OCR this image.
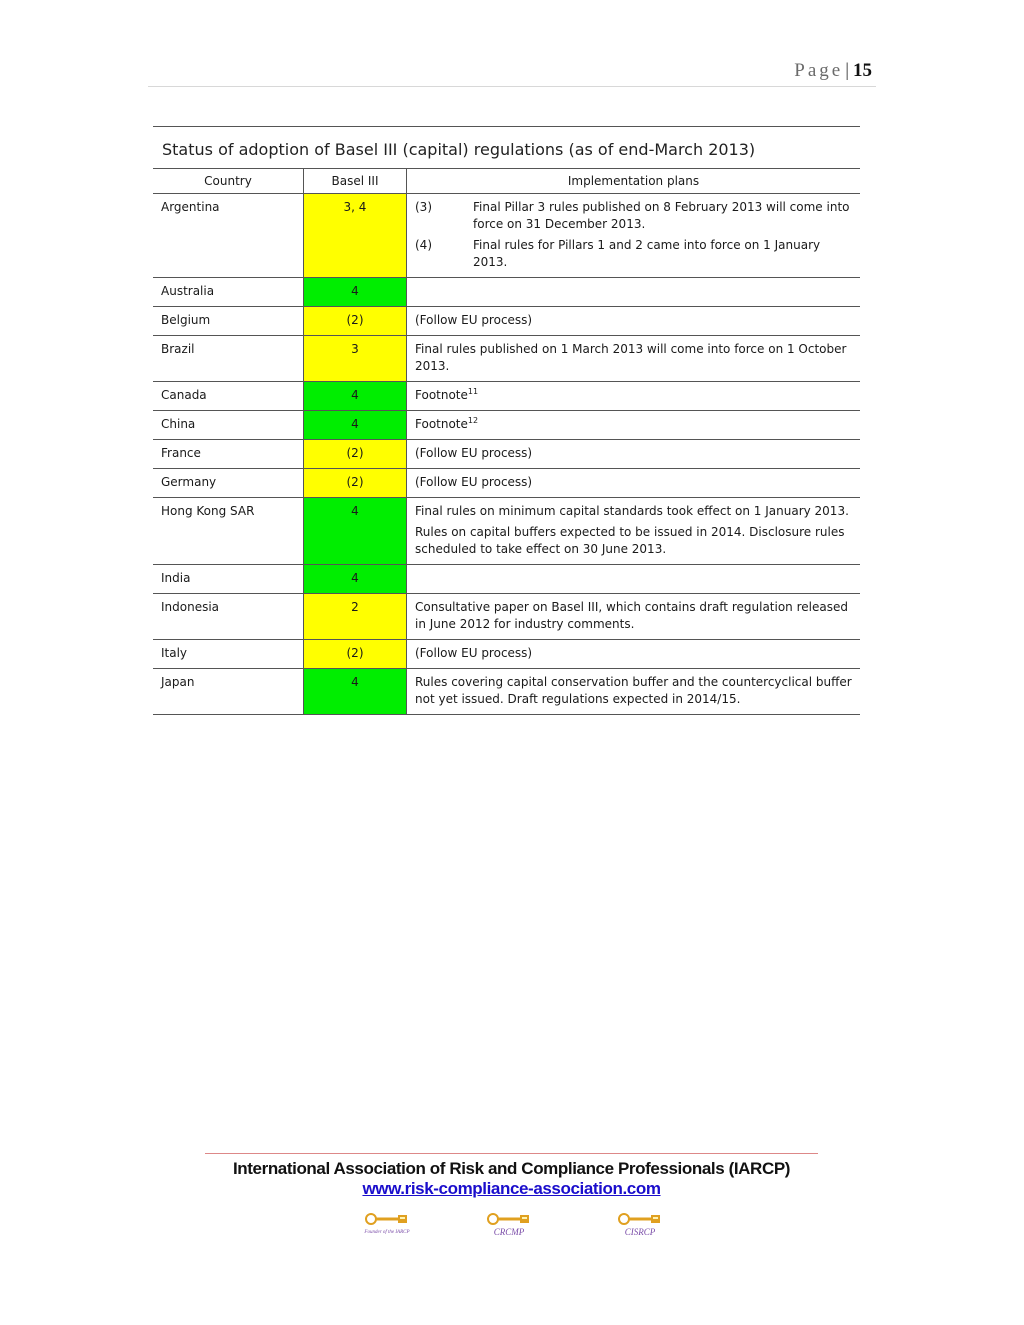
Page | 15
Status of adoption of Basel III (capital) regulations (as of end-March 2013)
Country	Basel III	Implementation plans
Argentina	3, 4	(3) Final Pillar 3 rules published on 8 February 2013 will come into force on 31 December 2013.
(4) Final rules for Pillars 1 and 2 came into force on 1 January 2013.

Australia	4	
Belgium	(2)	(Follow EU process)
Brazil	3	Final rules published on 1 March 2013 will come into force on 1 October 2013.
Canada	4	Footnote$^{11}$
China	4	Footnote$^{12}$
France	(2)	(Follow EU process)
Germany	(2)	(Follow EU process)
Hong Kong SAR	4	Final rules on minimum capital standards took effect on 1 January 2013.
Rules on capital buffers expected to be issued in 2014. Disclosure rules scheduled to take effect on 30 June 2013.

India	4	
Indonesia	2	Consultative paper on Basel III, which contains draft regulation released in June 2012 for industry comments.
Italy	(2)	(Follow EU process)
Japan	4	Rules covering capital conservation buffer and the countercyclical buffer not yet issued. Draft regulations expected in 2014/15.
International Association of Risk and Compliance Professionals (IARCP)
www.risk-compliance-association.com
Founder of the IARCP	CRCMP	CISRCP
